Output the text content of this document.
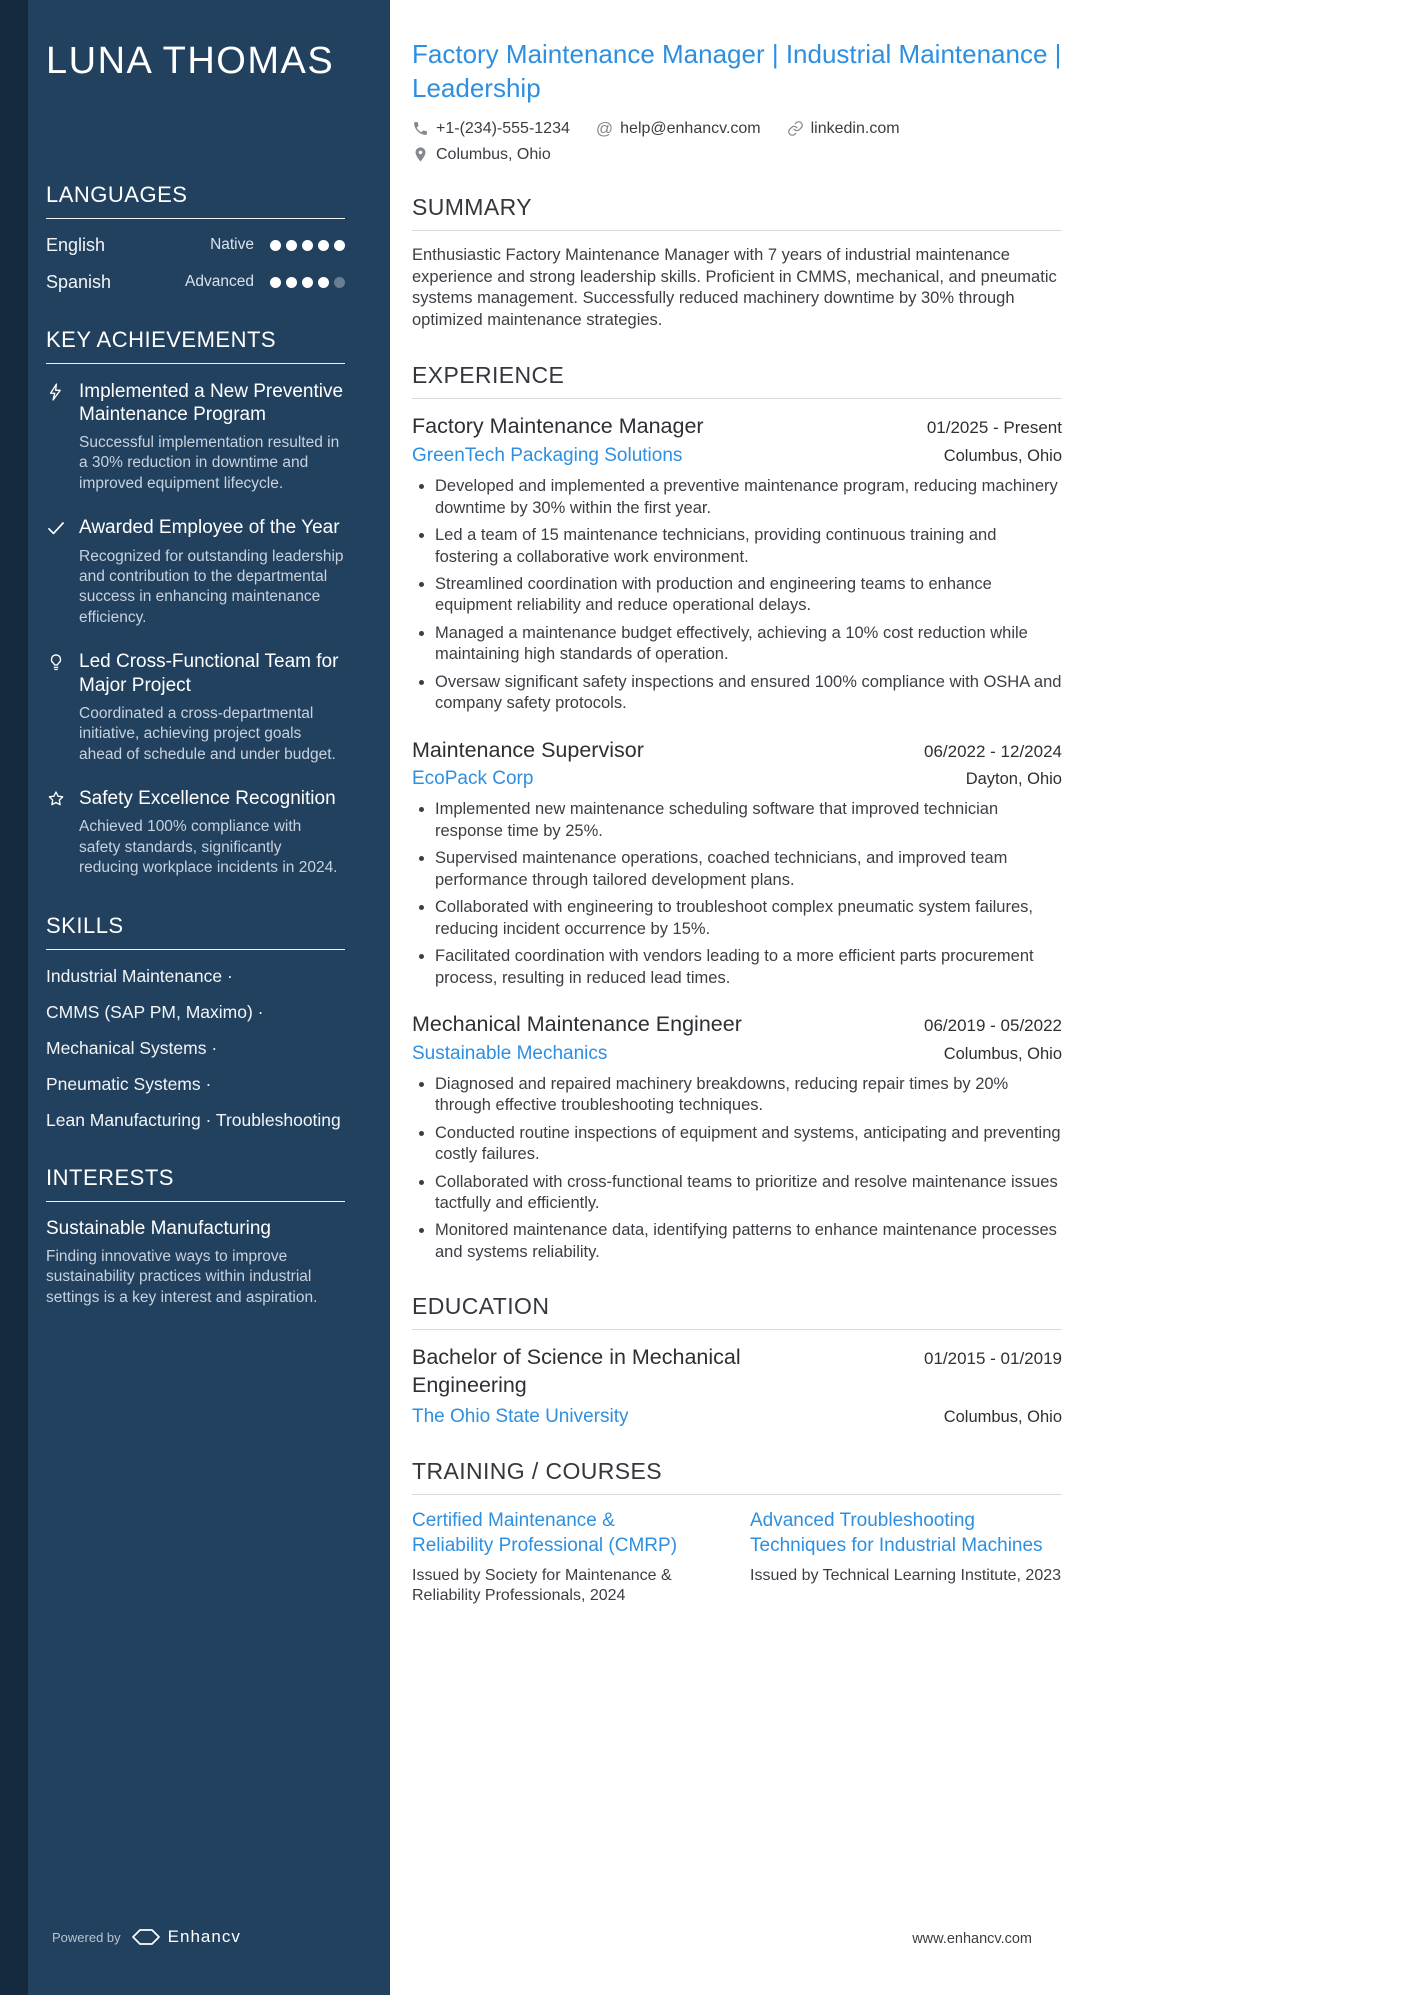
LUNA THOMAS
LANGUAGES
English	Native
Spanish	Advanced
KEY ACHIEVEMENTS
Implemented a New Preventive Maintenance Program
Successful implementation resulted in a 30% reduction in downtime and improved equipment lifecycle.
Awarded Employee of the Year
Recognized for outstanding leadership and contribution to the departmental success in enhancing maintenance efficiency.
Led Cross-Functional Team for Major Project
Coordinated a cross-departmental initiative, achieving project goals ahead of schedule and under budget.
Safety Excellence Recognition
Achieved 100% compliance with safety standards, significantly reducing workplace incidents in 2024.
SKILLS
Industrial Maintenance ·
CMMS (SAP PM, Maximo) ·
Mechanical Systems ·
Pneumatic Systems ·
Lean Manufacturing · Troubleshooting
INTERESTS
Sustainable Manufacturing
Finding innovative ways to improve sustainability practices within industrial settings is a key interest and aspiration.
Powered by	Enhancv
Factory Maintenance Manager | Industrial Maintenance | Leadership
+1-(234)-555-1234 @ help@enhancv.com	linkedin.com
Columbus, Ohio
SUMMARY

Enthusiastic Factory Maintenance Manager with 7 years of industrial maintenance experience and strong leadership skills. Proficient in CMMS, mechanical, and pneumatic systems management. Successfully reduced machinery downtime by 30% through optimized maintenance strategies.

EXPERIENCE
Factory Maintenance Manager	01/2025 - Present
GreenTech Packaging Solutions	Columbus, Ohio
• Developed and implemented a preventive maintenance program, reducing machinery downtime by 30% within the first year.
• Led a team of 15 maintenance technicians, providing continuous training and fostering a collaborative work environment.
• Streamlined coordination with production and engineering teams to enhance equipment reliability and reduce operational delays.
• Managed a maintenance budget effectively, achieving a 10% cost reduction while maintaining high standards of operation.
• Oversaw significant safety inspections and ensured 100% compliance with OSHA and company safety protocols.
Maintenance Supervisor	06/2022 - 12/2024
EcoPack Corp	Dayton, Ohio
• Implemented new maintenance scheduling software that improved technician response time by 25%.
• Supervised maintenance operations, coached technicians, and improved team performance through tailored development plans.
• Collaborated with engineering to troubleshoot complex pneumatic system failures, reducing incident occurrence by 15%.
• Facilitated coordination with vendors leading to a more efficient parts procurement process, resulting in reduced lead times.
Mechanical Maintenance Engineer	06/2019 - 05/2022
Sustainable Mechanics	Columbus, Ohio
• Diagnosed and repaired machinery breakdowns, reducing repair times by 20% through effective troubleshooting techniques.
• Conducted routine inspections of equipment and systems, anticipating and preventing costly failures.
• Collaborated with cross-functional teams to prioritize and resolve maintenance issues tactfully and efficiently.
• Monitored maintenance data, identifying patterns to enhance maintenance processes and systems reliability.
EDUCATION
Bachelor of Science in Mechanical Engineering
01/2015 - 01/2019
The Ohio State University	Columbus, Ohio
TRAINING / COURSES
Certified Maintenance & Reliability Professional (CMRP)
Issued by Society for Maintenance & Reliability Professionals, 2024
Advanced Troubleshooting Techniques for Industrial Machines
Issued by Technical Learning Institute, 2023
www.enhancv.com
